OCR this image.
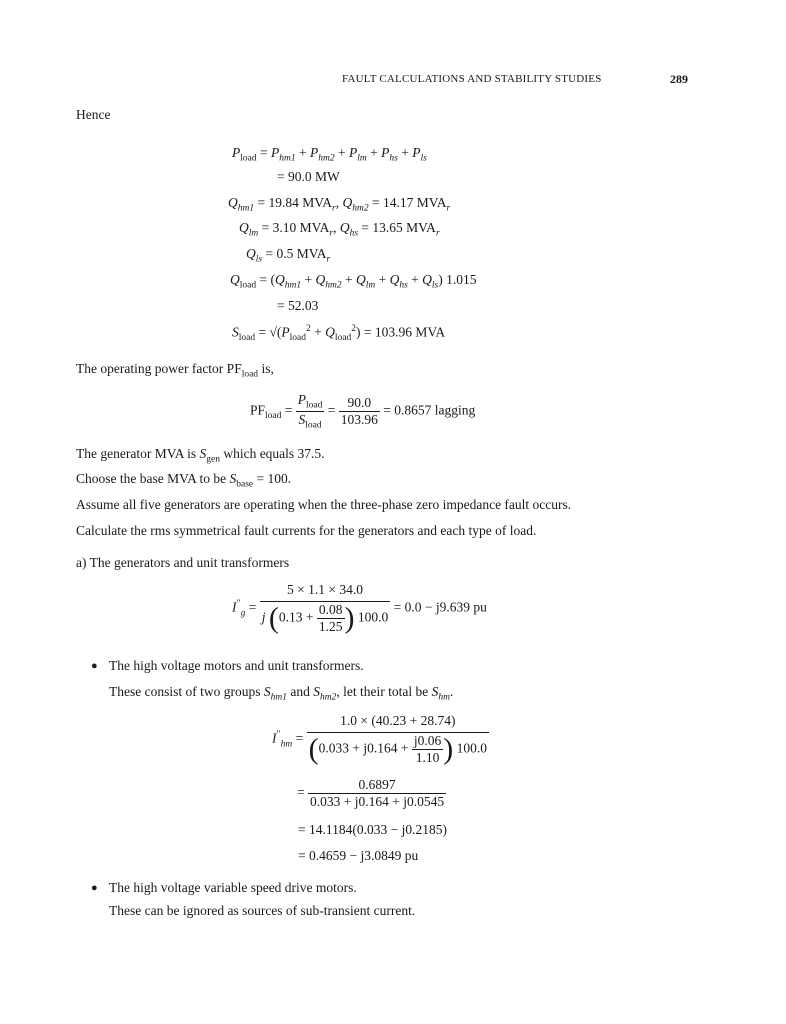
FAULT CALCULATIONS AND STABILITY STUDIES	289
Hence
$P_{load} = P_{hm1} + P_{hm2} + P_{lm} + P_{hs} + P_{ls}$
= 90.0 MW
$Q_{hm1} = 19.84$ $MVA_r$, $Q_{hm2} = 14.17$ $MVA_r$
$Q_{lm} = 3.10$ $MVA_r$, $Q_{hs} = 13.65$ $MVA_r$
$Q_{ls} = 0.5$ $MVA_r$
$Q_{load} = (Q_{hm1} + Q_{hm2} + Q_{lm} + Q_{hs} + Q_{ls})$ 1.015
= 52.03
$S_{load} = √(P_{load}^2 + Q_{load}^2) = 103.96$ MVA
The operating power factor $PF_{load}$ is,
$PF_{load} = \frac{P_{load}}{S_{load}} = \frac{90.0}{103.96} = 0.8657$ lagging
The generator MVA is $S_{gen}$ which equals 37.5.
Choose the base MVA to be $S_{base} = 100$.
Assume all five generators are operating when the three-phase zero impedance fault occurs.
Calculate the rms symmetrical fault currents for the generators and each type of load.
a) The generators and unit transformers
$I''_g = \frac{5 \times 1.1 \times 34.0}{j (0.13 + \frac{0.08}{1.25} ) 100.0} = 0.0 - j9.639$ pu
● The high voltage motors and unit transformers.
These consist of two groups $S_{hm1}$ and $S_{hm2}$, let their total be $S_{hm}$.
$I''_{hm} = \frac{1.0 \times (40.23 + 28.74)}{(0.033 + j0.164 + \frac{j0.06}{1.10} ) 100.0}$
= $\frac{0.6897}{0.033 + j0.164 + j0.0545}$
= 14.1184(0.033 − j0.2185)
= 0.4659 − j3.0849 pu
● The high voltage variable speed drive motors.
These can be ignored as sources of sub-transient current.
